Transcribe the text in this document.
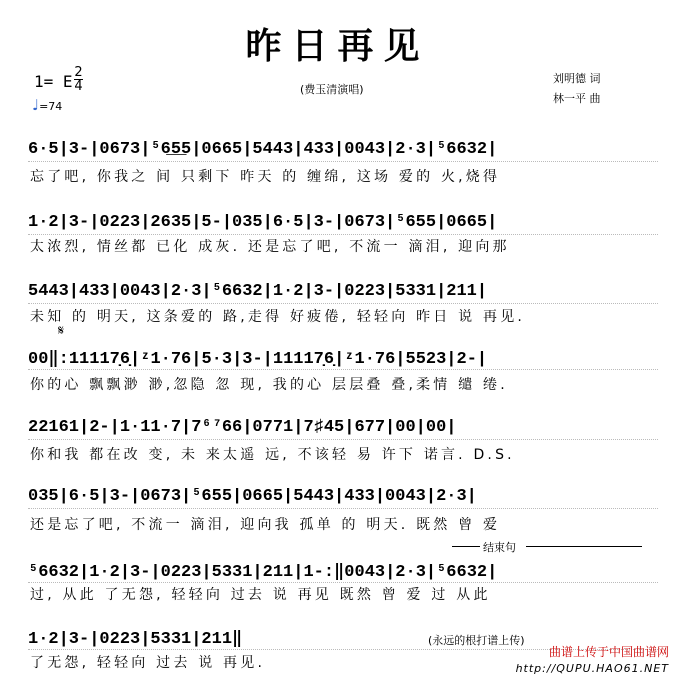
昨日再见
1= E 2
4
♩=74
(费玉清演唱)
刘明德 词
林一平 曲
6·5|3-|0673|⁵6̲5̲5|0665|5443|433|0043|2·3|⁵6632|
忘了吧, 你我之 间 只剩下 昨天 的 缠绵, 这场 爱的 火,烧得
1·2|3-|0223|2635|5-|035|6·5|3-|0673|⁵655|0665|
太浓烈, 情丝都 已化 成灰. 还是忘了吧, 不流一 滴泪, 迎向那
5443|433|0043|2·3|⁵6632|1·2|3-|0223|5331|211|
未知 的 明天, 这条爱的 路,走得 好疲倦, 轻轻向 昨日 说 再见.
00‖:11117̣6̣|ᶻ1·76|5·3|3-|11117̣6̣|ᶻ1·76|5523|2-|
你的心 飘飘渺 渺,忽隐 忽 现, 我的心 层层叠 叠,柔情 缱 绻.
22161|2-|1·11·7|7⁶⁷66|0771|7♯45|677|00|00|
你和我 都在改 变, 未 来太遥 远, 不该轻 易 许下 诺言. D.S.
035|6·5|3-|0673|⁵655|0665|5443|433|0043|2·3|
还是忘了吧, 不流一 滴泪, 迎向我 孤单 的 明天. 既然 曾 爱
⁵6632|1·2|3-|0223|5331|211|1-:‖0043|2·3|⁵6632|
过, 从此 了无怨, 轻轻向 过去 说 再见 既然 曾 爱 过 从此
1·2|3-|0223|5331|211‖
了无怨, 轻轻向 过去 说 再见.
𝄋
结束句
(永远的根打谱上传)
曲谱上传于中国曲谱网
http://QUPU.HAO61.NET
